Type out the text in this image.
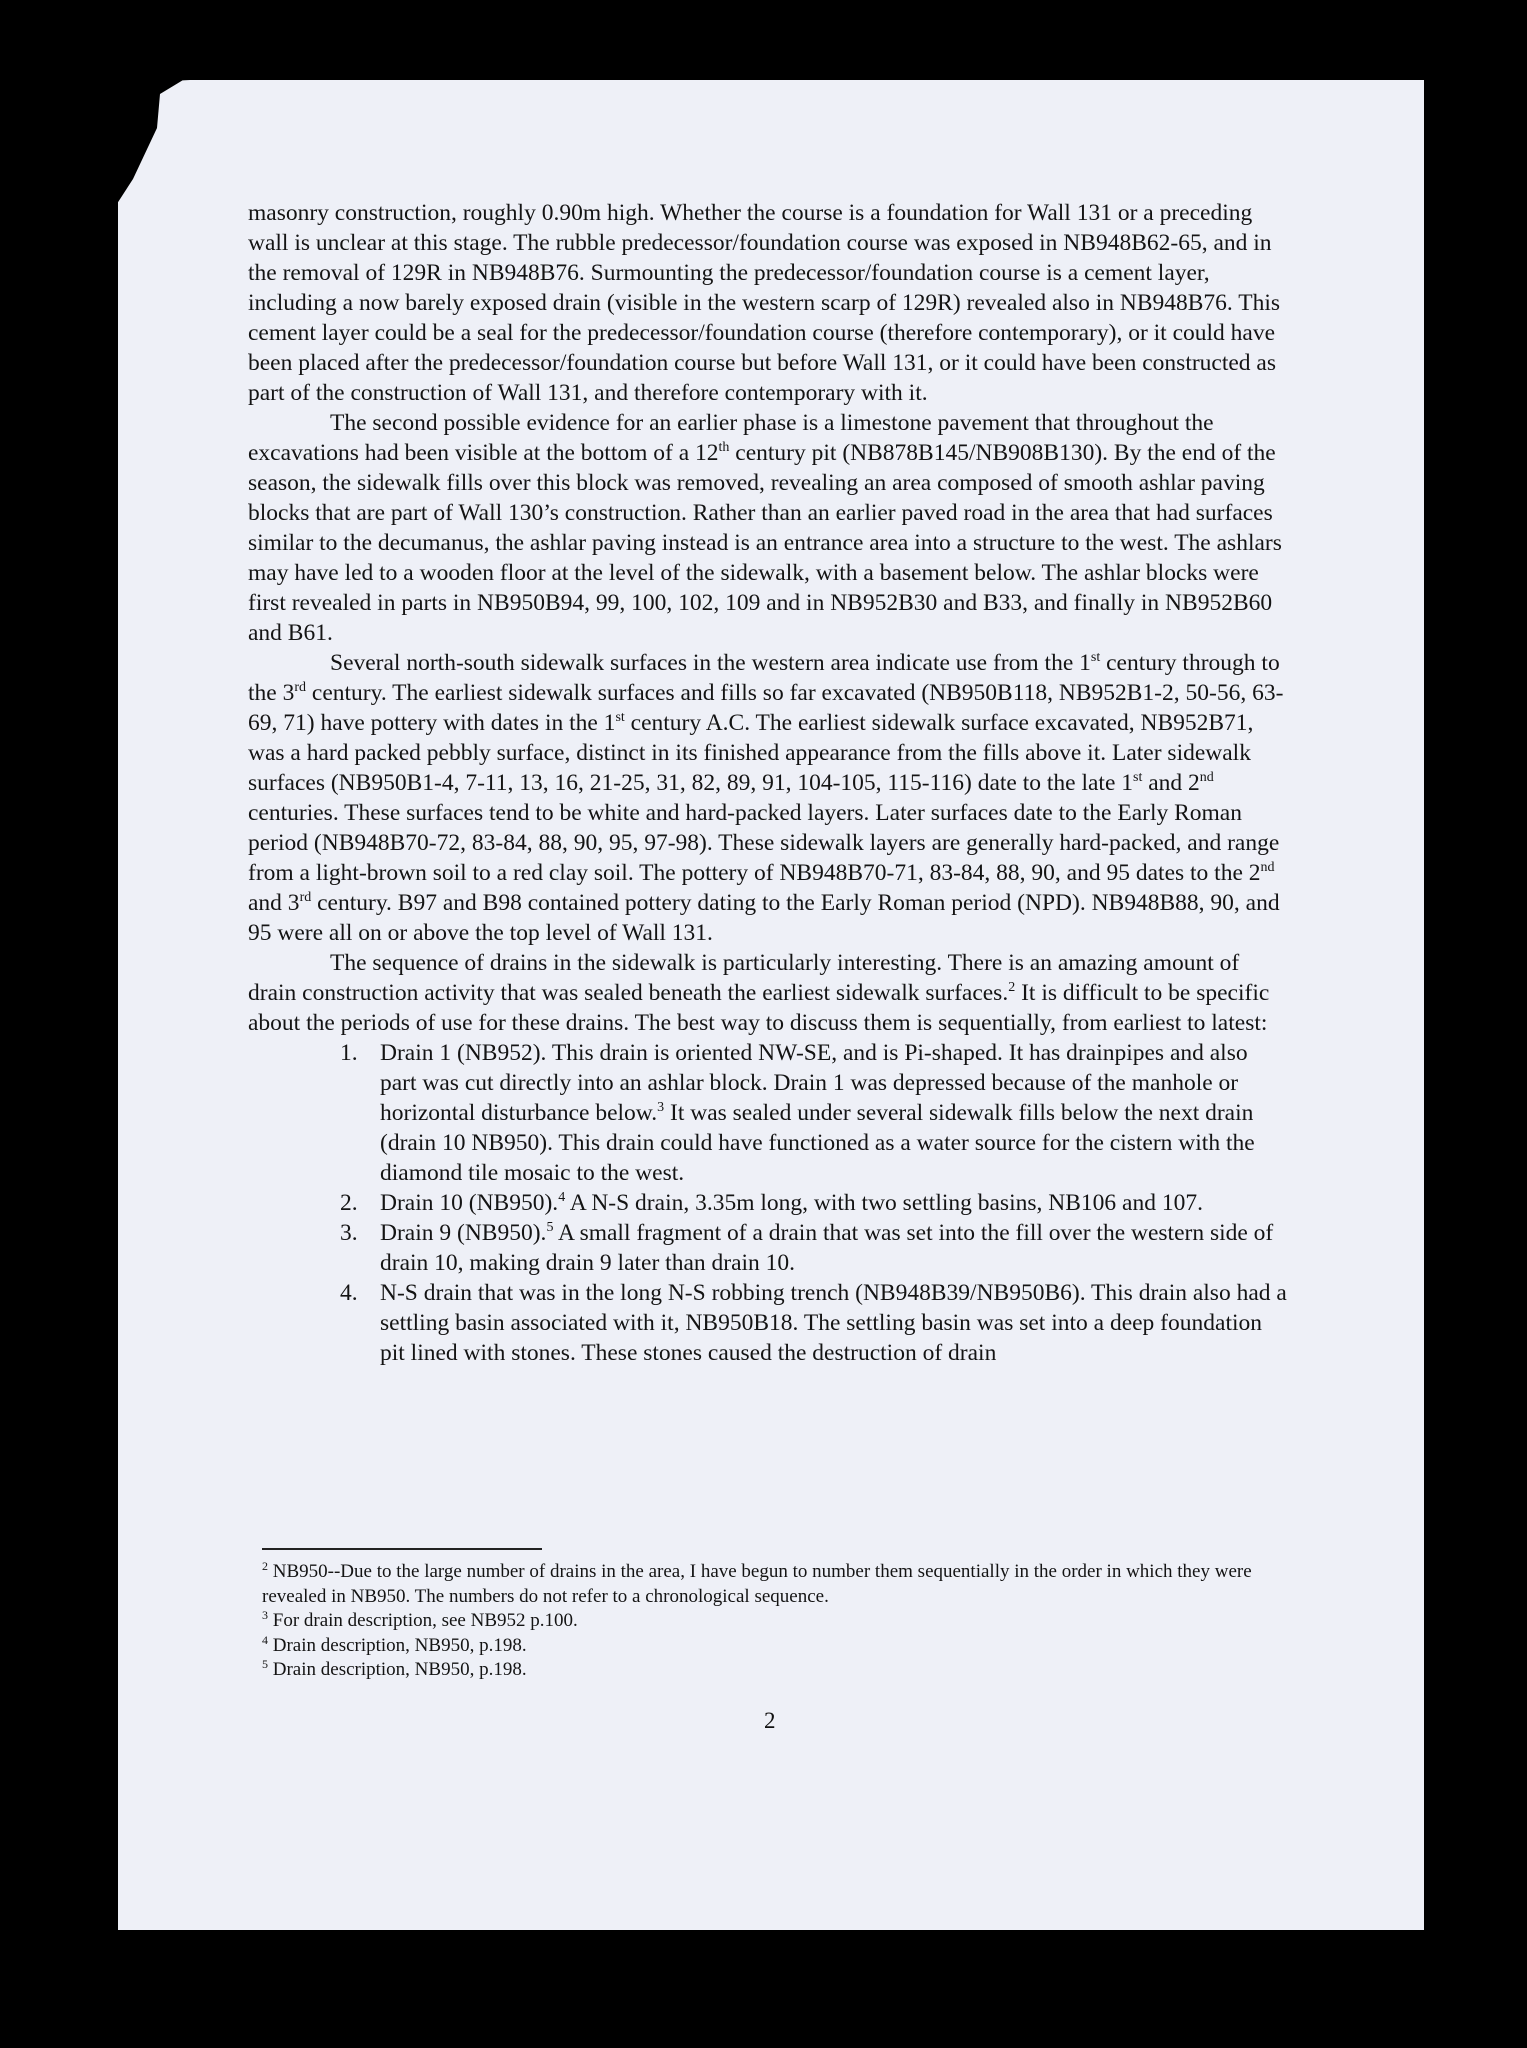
masonry construction, roughly 0.90m high. Whether the course is a foundation for Wall 131 or a preceding wall is unclear at this stage. The rubble predecessor/foundation course was exposed in NB948B62-65, and in the removal of 129R in NB948B76. Surmounting the predecessor/foundation course is a cement layer, including a now barely exposed drain (visible in the western scarp of 129R) revealed also in NB948B76. This cement layer could be a seal for the predecessor/foundation course (therefore contemporary), or it could have been placed after the predecessor/foundation course but before Wall 131, or it could have been constructed as part of the construction of Wall 131, and therefore contemporary with it.

The second possible evidence for an earlier phase is a limestone pavement that throughout the excavations had been visible at the bottom of a 12th century pit (NB878B145/NB908B130). By the end of the season, the sidewalk fills over this block was removed, revealing an area composed of smooth ashlar paving blocks that are part of Wall 130’s construction. Rather than an earlier paved road in the area that had surfaces similar to the decumanus, the ashlar paving instead is an entrance area into a structure to the west. The ashlars may have led to a wooden floor at the level of the sidewalk, with a basement below. The ashlar blocks were first revealed in parts in NB950B94, 99, 100, 102, 109 and in NB952B30 and B33, and finally in NB952B60 and B61.

Several north-south sidewalk surfaces in the western area indicate use from the 1st century through to the 3rd century. The earliest sidewalk surfaces and fills so far excavated (NB950B118, NB952B1-2, 50-56, 63-69, 71) have pottery with dates in the 1st century A.C. The earliest sidewalk surface excavated, NB952B71, was a hard packed pebbly surface, distinct in its finished appearance from the fills above it. Later sidewalk surfaces (NB950B1-4, 7-11, 13, 16, 21-25, 31, 82, 89, 91, 104-105, 115-116) date to the late 1st and 2nd centuries. These surfaces tend to be white and hard-packed layers. Later surfaces date to the Early Roman period (NB948B70-72, 83-84, 88, 90, 95, 97-98). These sidewalk layers are generally hard-packed, and range from a light-brown soil to a red clay soil. The pottery of NB948B70-71, 83-84, 88, 90, and 95 dates to the 2nd and 3rd century. B97 and B98 contained pottery dating to the Early Roman period (NPD). NB948B88, 90, and 95 were all on or above the top level of Wall 131.

The sequence of drains in the sidewalk is particularly interesting. There is an amazing amount of drain construction activity that was sealed beneath the earliest sidewalk surfaces.$^2$ It is difficult to be specific about the periods of use for these drains. The best way to discuss them is sequentially, from earliest to latest:

1. Drain 1 (NB952). This drain is oriented NW-SE, and is Pi-shaped. It has drainpipes and also part was cut directly into an ashlar block. Drain 1 was depressed because of the manhole or horizontal disturbance below.$^3$ It was sealed under several sidewalk fills below the next drain (drain 10 NB950). This drain could have functioned as a water source for the cistern with the diamond tile mosaic to the west.
2. Drain 10 (NB950).$^4$ A N-S drain, 3.35m long, with two settling basins, NB106 and 107.
3. Drain 9 (NB950).$^5$ A small fragment of a drain that was set into the fill over the western side of drain 10, making drain 9 later than drain 10.
4. N-S drain that was in the long N-S robbing trench (NB948B39/NB950B6). This drain also had a settling basin associated with it, NB950B18. The settling basin was set into a deep foundation pit lined with stones. These stones caused the destruction of drain

$^2$ NB950--Due to the large number of drains in the area, I have begun to number them sequentially in the order in which they were revealed in NB950. The numbers do not refer to a chronological sequence.

$^3$ For drain description, see NB952 p.100.

$^4$ Drain description, NB950, p.198.

$^5$ Drain description, NB950, p.198.

2
